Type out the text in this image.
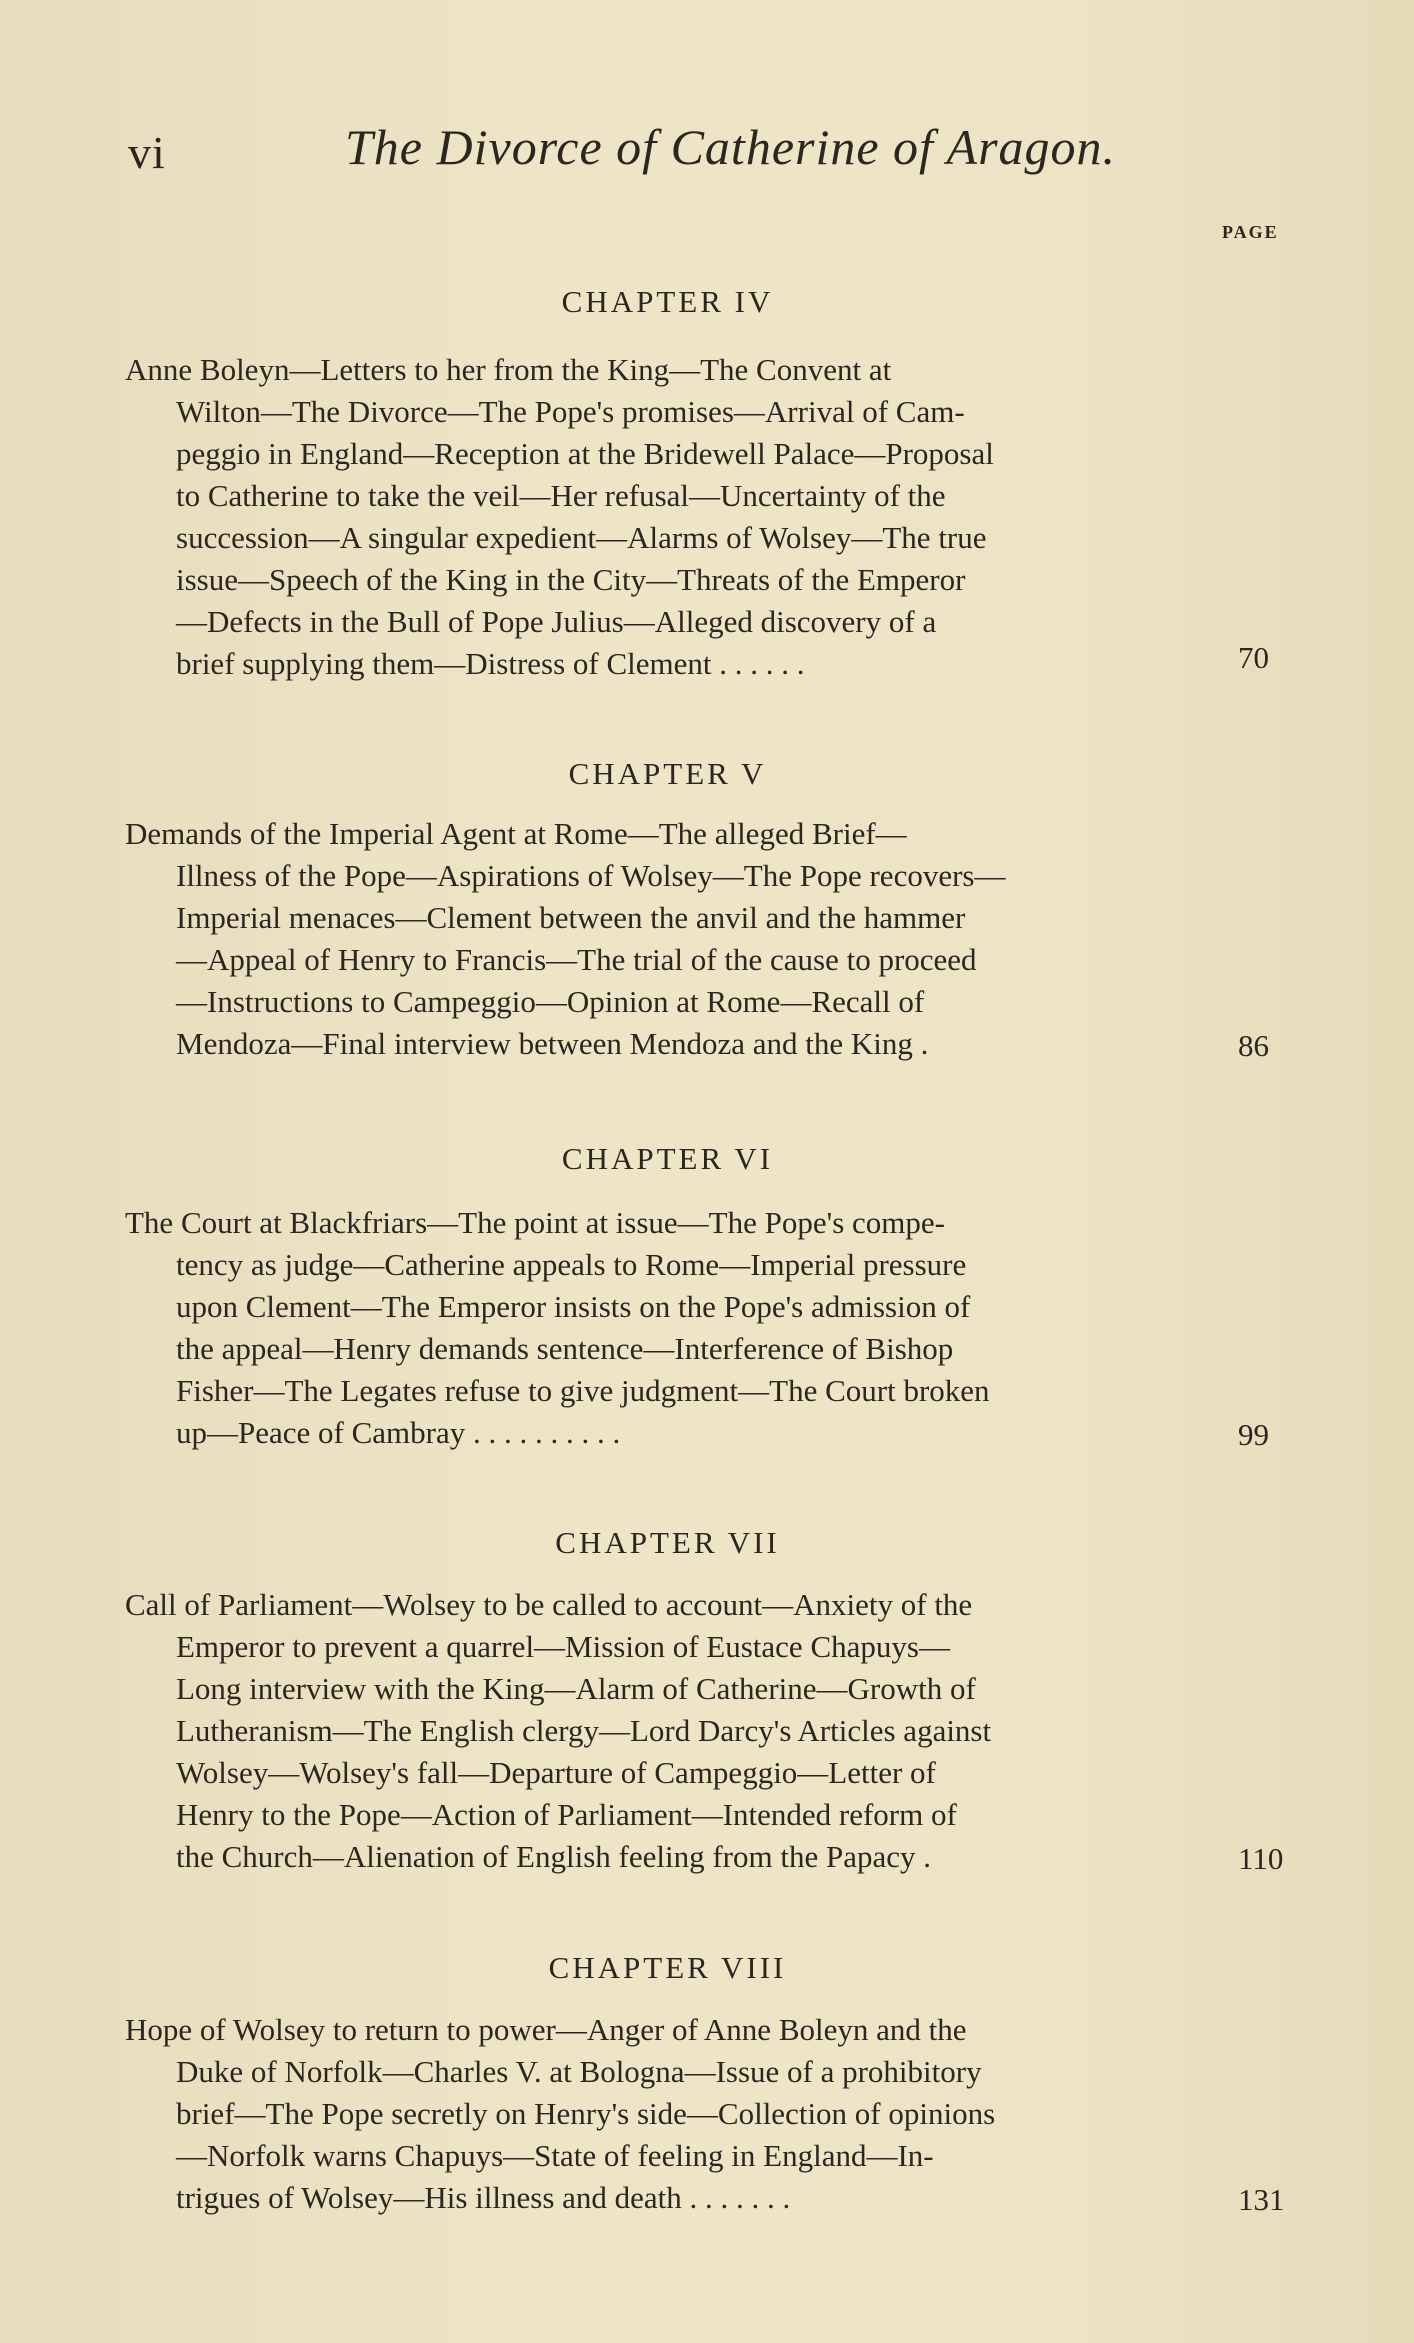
vi	The Divorce of Catherine of Aragon.
PAGE
CHAPTER IV
Anne Boleyn—Letters to her from the King—The Convent at
Wilton—The Divorce—The Pope's promises—Arrival of Cam-
peggio in England—Reception at the Bridewell Palace—Proposal
to Catherine to take the veil—Her refusal—Uncertainty of the
succession—A singular expedient—Alarms of Wolsey—The true
issue—Speech of the King in the City—Threats of the Emperor
—Defects in the Bull of Pope Julius—Alleged discovery of a
brief supplying them—Distress of Clement . . . . . .	70
CHAPTER V
Demands of the Imperial Agent at Rome—The alleged Brief—
Illness of the Pope—Aspirations of Wolsey—The Pope recovers—
Imperial menaces—Clement between the anvil and the hammer
—Appeal of Henry to Francis—The trial of the cause to proceed
—Instructions to Campeggio—Opinion at Rome—Recall of
Mendoza—Final interview between Mendoza and the King .	86
CHAPTER VI
The Court at Blackfriars—The point at issue—The Pope's compe-
tency as judge—Catherine appeals to Rome—Imperial pressure
upon Clement—The Emperor insists on the Pope's admission of
the appeal—Henry demands sentence—Interference of Bishop
Fisher—The Legates refuse to give judgment—The Court broken
up—Peace of Cambray . . . . . . . . . .	99
CHAPTER VII
Call of Parliament—Wolsey to be called to account—Anxiety of the
Emperor to prevent a quarrel—Mission of Eustace Chapuys—
Long interview with the King—Alarm of Catherine—Growth of
Lutheranism—The English clergy—Lord Darcy's Articles against
Wolsey—Wolsey's fall—Departure of Campeggio—Letter of
Henry to the Pope—Action of Parliament—Intended reform of
the Church—Alienation of English feeling from the Papacy .	110
CHAPTER VIII
Hope of Wolsey to return to power—Anger of Anne Boleyn and the
Duke of Norfolk—Charles V. at Bologna—Issue of a prohibitory
brief—The Pope secretly on Henry's side—Collection of opinions
—Norfolk warns Chapuys—State of feeling in England—In-
trigues of Wolsey—His illness and death . . . . . . .	131
